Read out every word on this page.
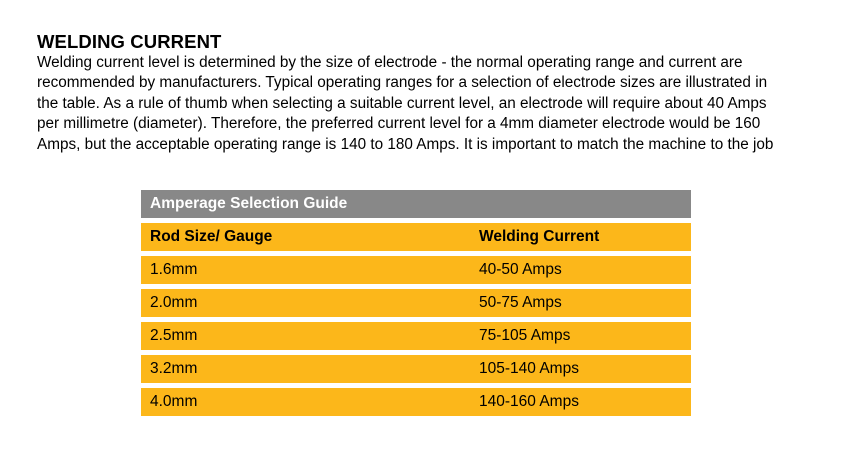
WELDING CURRENT
Welding current level is determined by the size of electrode - the normal operating range and current are
recommended by manufacturers. Typical operating ranges for a selection of electrode sizes are illustrated in
the table. As a rule of thumb when selecting a suitable current level, an electrode will require about 40 Amps
per millimetre (diameter). Therefore, the preferred current level for a 4mm diameter electrode would be 160
Amps, but the acceptable operating range is 140 to 180 Amps. It is important to match the machine to the job
Amperage Selection Guide
Rod Size/ Gauge	Welding Current
1.6mm	40-50 Amps
2.0mm	50-75 Amps
2.5mm	75-105 Amps
3.2mm	105-140 Amps
4.0mm	140-160 Amps
